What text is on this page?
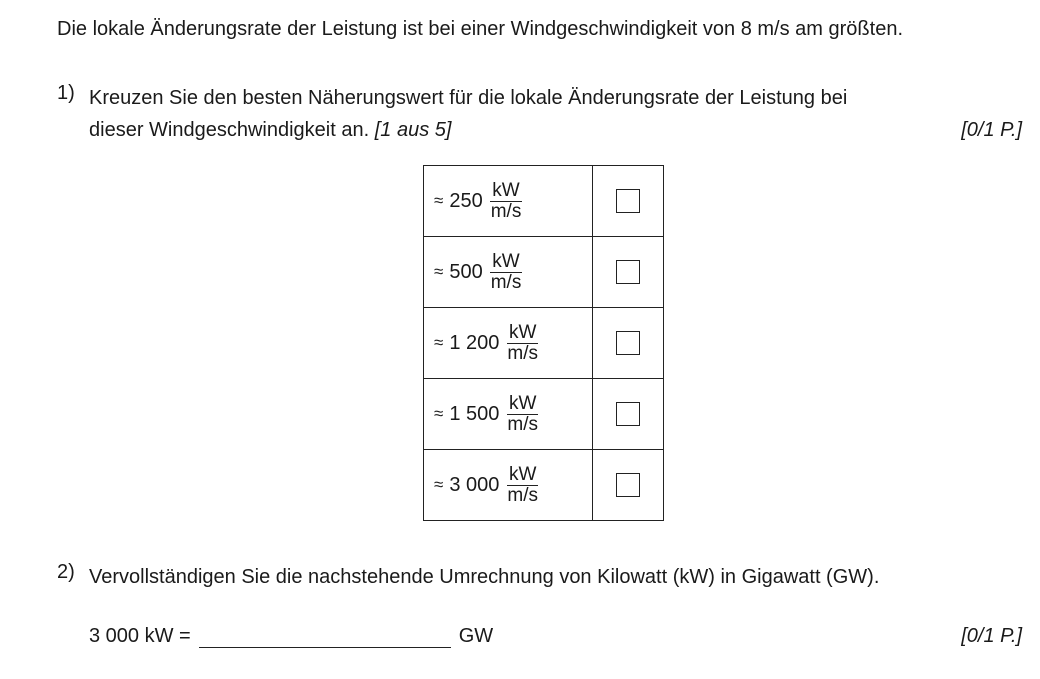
Die lokale Änderungsrate der Leistung ist bei einer Windgeschwindigkeit von 8 m/s am größten.
1) Kreuzen Sie den besten Näherungswert für die lokale Änderungsrate der Leistung bei
dieser Windgeschwindigkeit an. [1 aus 5]	[0/1 P.]
≈ $250 \frac{kW}{m/s}$

≈ $500 \frac{kW}{m/s}$

≈ 1 $200 \frac{kW}{m/s}$

≈ 1 $500 \frac{kW}{m/s}$

≈ 3 $000 \frac{kW}{m/s}$

2) Vervollständigen Sie die nachstehende Umrechnung von Kilowatt (kW) in Gigawatt (GW).
3 000 kW =	GW	[0/1 P.]
